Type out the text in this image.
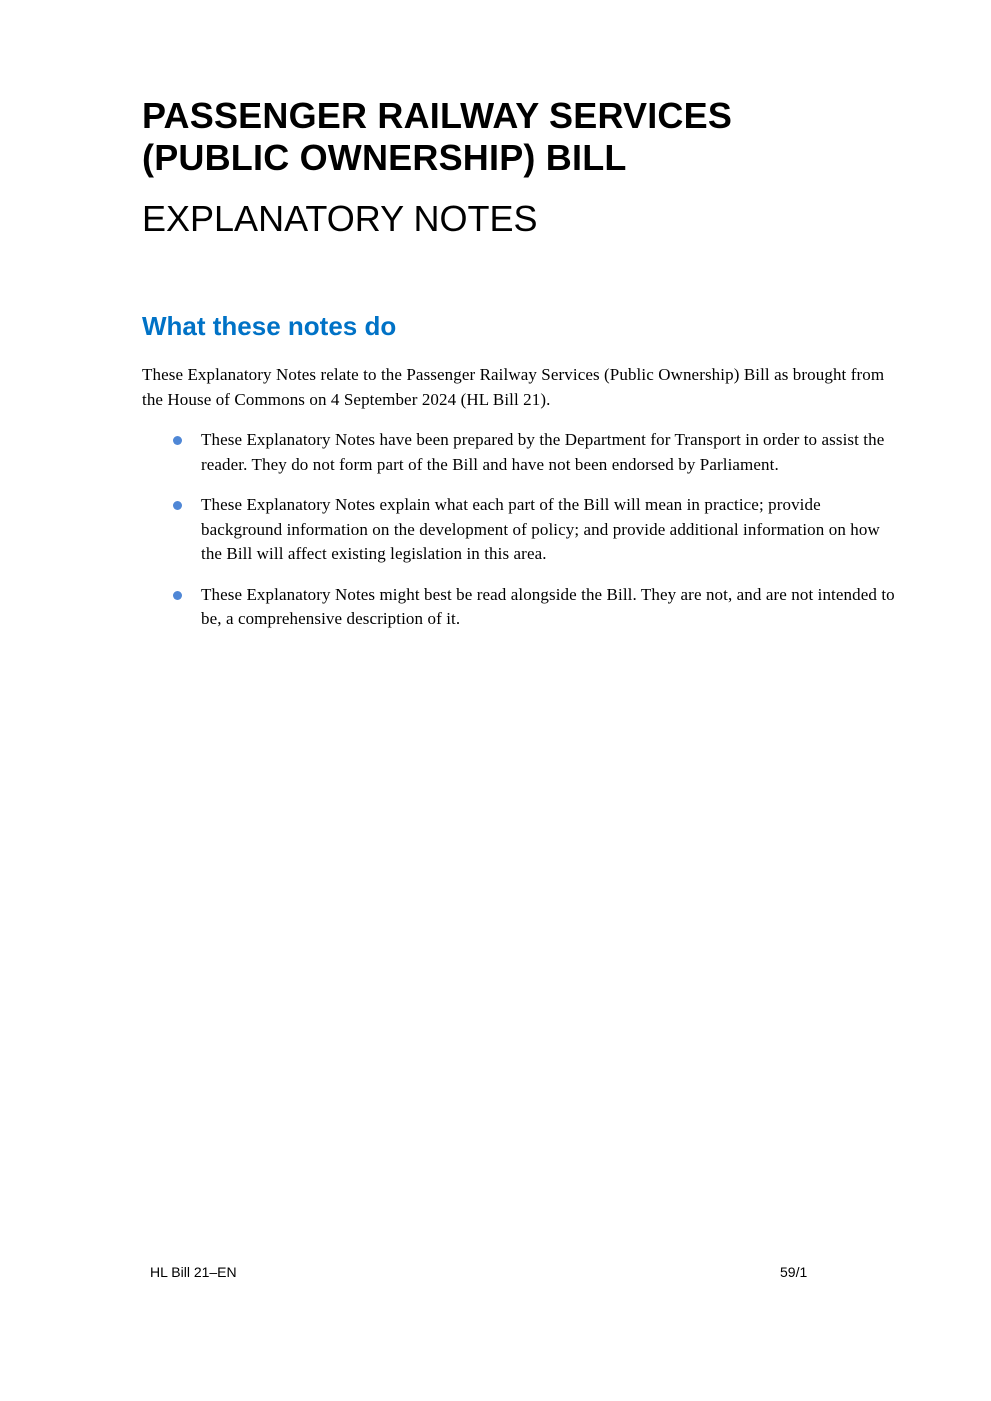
PASSENGER RAILWAY SERVICES
(PUBLIC OWNERSHIP) BILL
EXPLANATORY NOTES
What these notes do

These Explanatory Notes relate to the Passenger Railway Services (Public Ownership) Bill as brought from the House of Commons on 4 September 2024 (HL Bill 21).

These Explanatory Notes have been prepared by the Department for Transport in order to assist the reader. They do not form part of the Bill and have not been endorsed by Parliament.
These Explanatory Notes explain what each part of the Bill will mean in practice; provide background information on the development of policy; and provide additional information on how the Bill will affect existing legislation in this area.
These Explanatory Notes might best be read alongside the Bill. They are not, and are not intended to be, a comprehensive description of it.
HL Bill 21–EN	59/1
